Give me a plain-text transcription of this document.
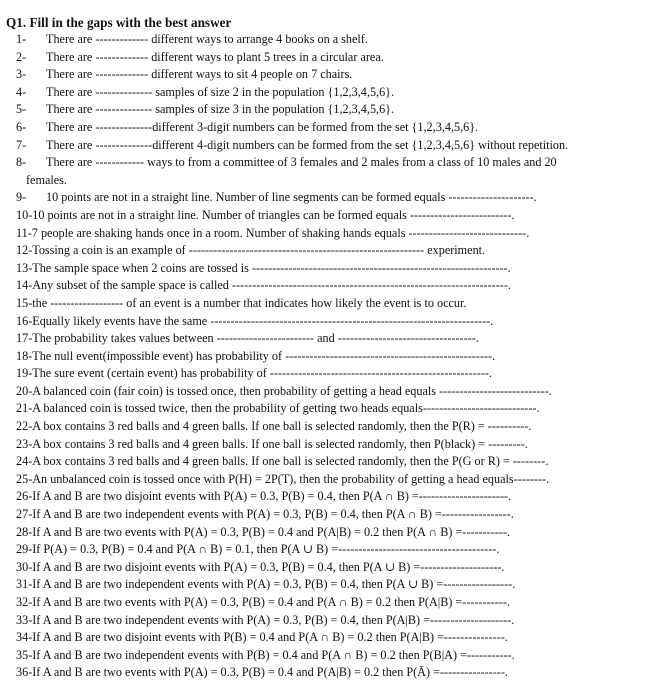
Q1. Fill in the gaps with the best answer
1- There are ------------- different ways to arrange 4 books on a shelf.
2- There are ------------- different ways to plant 5 trees in a circular area.
3- There are ------------- different ways to sit 4 people on 7 chairs.
4- There are -------------- samples of size 2 in the population {1,2,3,4,5,6}.
5- There are -------------- samples of size 3 in the population {1,2,3,4,5,6}.
6- There are --------------different 3-digit numbers can be formed from the set {1,2,3,4,5,6}.
7- There are --------------different 4-digit numbers can be formed from the set {1,2,3,4,5,6} without repetition.
8- There are ------------ ways to from a committee of 3 females and 2 males from a class of 10 males and 20
females.
9- 10 points are not in a straight line. Number of line segments can be formed equals ---------------------.
10-10 points are not in a straight line. Number of triangles can be formed equals -------------------------.
11-7 people are shaking hands once in a room. Number of shaking hands equals -----------------------------.
12-Tossing a coin is an example of ---------------------------------------------------------- experiment.
13-The sample space when 2 coins are tossed is ---------------------------------------------------------------.
14-Any subset of the sample space is called --------------------------------------------------------------------.
15-the ------------------ of an event is a number that indicates how likely the event is to occur.
16-Equally likely events have the same ---------------------------------------------------------------------.
17-The probability takes values between ------------------------ and ----------------------------------.
18-The null event(impossible event) has probability of ---------------------------------------------------.
19-The sure event (certain event) has probability of ------------------------------------------------------.
20-A balanced coin (fair coin) is tossed once, then probability of getting a head equals ---------------------------.
21-A balanced coin is tossed twice, then the probability of getting two heads equals----------------------------.
22-A box contains 3 red balls and 4 green balls. If one ball is selected randomly, then the P(R) = ----------.
23-A box contains 3 red balls and 4 green balls. If one ball is selected randomly, then P(black) = ---------.
24-A box contains 3 red balls and 4 green balls. If one ball is selected randomly, then the P(G or R) = --------.
25-An unbalanced coin is tossed once with P(H) = 2P(T), then the probability of getting a head equals--------.
26-If A and B are two disjoint events with P(A) = 0.3, P(B) = 0.4, then P(A ∩ B) =----------------------.
27-If A and B are two independent events with P(A) = 0.3, P(B) = 0.4, then P(A ∩ B) =-----------------.
28-If A and B are two events with P(A) = 0.3, P(B) = 0.4 and P(A|B) = 0.2 then P(A ∩ B) =-----------.
29-If P(A) = 0.3, P(B) = 0.4 and P(A ∩ B) = 0.1, then P(A ∪ B) =---------------------------------------.
30-If A and B are two disjoint events with P(A) = 0.3, P(B) = 0.4, then P(A ∪ B) =--------------------.
31-If A and B are two independent events with P(A) = 0.3, P(B) = 0.4, then P(A ∪ B) =-----------------.
32-If A and B are two events with P(A) = 0.3, P(B) = 0.4 and P(A ∩ B) = 0.2 then P(A|B) =-----------.
33-If A and B are two independent events with P(A) = 0.3, P(B) = 0.4, then P(A|B) =--------------------.
34-If A and B are two disjoint events with P(B) = 0.4 and P(A ∩ B) = 0.2 then P(A|B) =---------------.
35-If A and B are two independent events with P(B) = 0.4 and P(A ∩ B) = 0.2 then P(B|A) =-----------.
36-If A and B are two events with P(A) = 0.3, P(B) = 0.4 and P(A|B) = 0.2 then P(Ā) =----------------.
